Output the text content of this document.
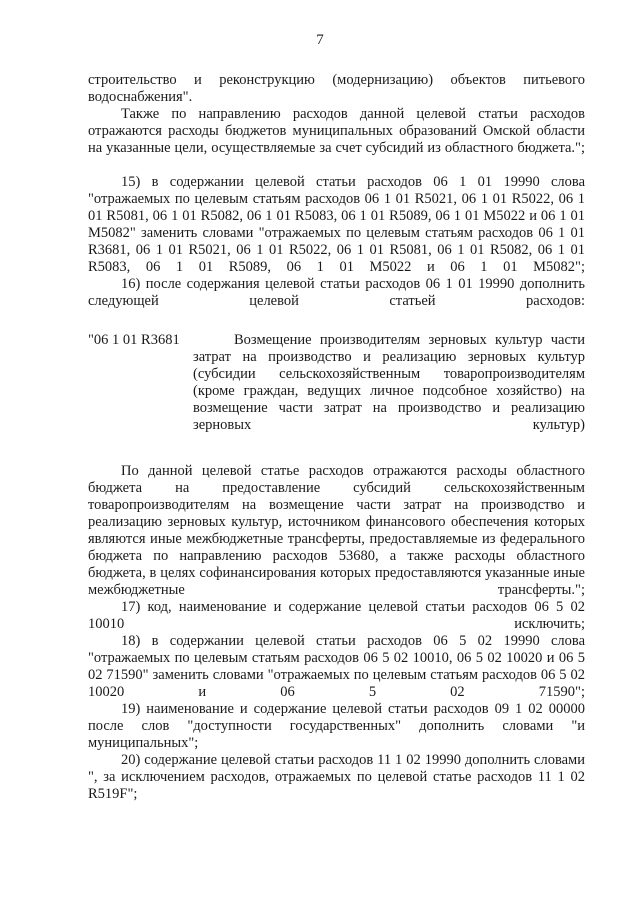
7
строительство и реконструкцию (модернизацию) объектов питьевого водоснабжения".
Также по направлению расходов данной целевой статьи расходов отражаются расходы бюджетов муниципальных образований Омской области на указанные цели, осуществляемые за счет субсидий из областного бюджета.";
15) в содержании целевой статьи расходов 06 1 01 19990 слова "отражаемых по целевым статьям расходов 06 1 01 R5021, 06 1 01 R5022, 06 1 01 R5081, 06 1 01 R5082, 06 1 01 R5083, 06 1 01 R5089, 06 1 01 M5022 и 06 1 01 M5082" заменить словами "отражаемых по целевым статьям расходов 06 1 01 R3681, 06 1 01 R5021, 06 1 01 R5022, 06 1 01 R5081, 06 1 01 R5082, 06 1 01 R5083, 06 1 01 R5089, 06 1 01 M5022 и 06 1 01 M5082";
16) после содержания целевой статьи расходов 06 1 01 19990 дополнить следующей целевой статьей расходов:
"06 1 01 R3681	Возмещение производителям зерновых культур части затрат на производство и реализацию зерновых культур (субсидии сельскохозяйственным товаропроизводителям (кроме граждан, ведущих личное подсобное хозяйство) на возмещение части затрат на производство и реализацию зерновых культур)
По данной целевой статье расходов отражаются расходы областного бюджета на предоставление субсидий сельскохозяйственным товаропроизводителям на возмещение части затрат на производство и реализацию зерновых культур, источником финансового обеспечения которых являются иные межбюджетные трансферты, предоставляемые из федерального бюджета по направлению расходов 53680, а также расходы областного бюджета, в целях софинансирования которых предоставляются указанные иные межбюджетные трансферты.";
17) код, наименование и содержание целевой статьи расходов 06 5 02 10010 исключить;
18) в содержании целевой статьи расходов 06 5 02 19990 слова "отражаемых по целевым статьям расходов 06 5 02 10010, 06 5 02 10020 и 06 5 02 71590" заменить словами "отражаемых по целевым статьям расходов 06 5 02 10020 и 06 5 02 71590";
19) наименование и содержание целевой статьи расходов 09 1 02 00000 после слов "доступности государственных" дополнить словами "и муниципальных";
20) содержание целевой статьи расходов 11 1 02 19990 дополнить словами ", за исключением расходов, отражаемых по целевой статье расходов 11 1 02 R519F";
